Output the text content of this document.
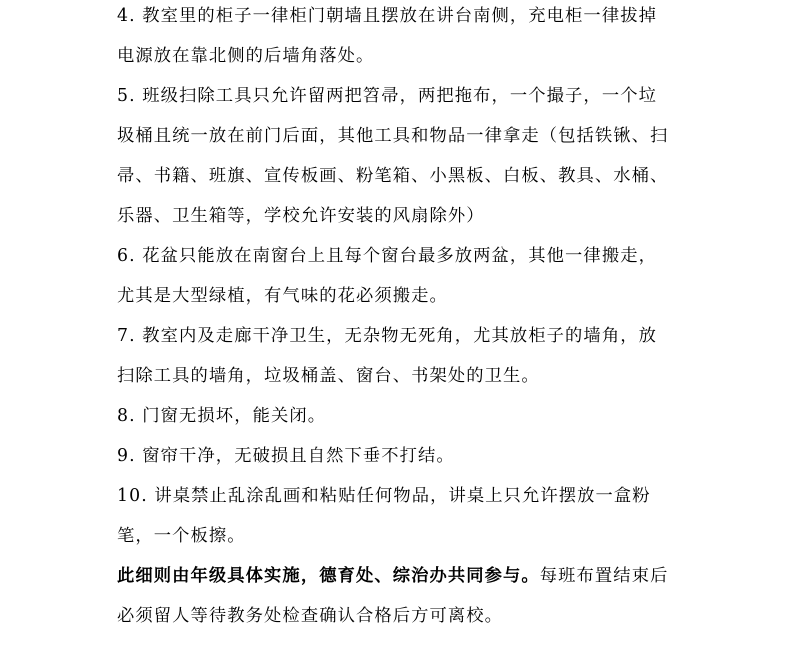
4. 教室里的柜子一律柜门朝墙且摆放在讲台南侧，充电柜一律拔掉
电源放在靠北侧的后墙角落处。
5. 班级扫除工具只允许留两把笤帚，两把拖布，一个撮子，一个垃
圾桶且统一放在前门后面，其他工具和物品一律拿走（包括铁锹、扫
帚、书籍、班旗、宣传板画、粉笔箱、小黑板、白板、教具、水桶、
乐器、卫生箱等，学校允许安装的风扇除外）
6. 花盆只能放在南窗台上且每个窗台最多放两盆，其他一律搬走，
尤其是大型绿植，有气味的花必须搬走。
7. 教室内及走廊干净卫生，无杂物无死角，尤其放柜子的墙角，放
扫除工具的墙角，垃圾桶盖、窗台、书架处的卫生。
8. 门窗无损坏，能关闭。
9. 窗帘干净，无破损且自然下垂不打结。
10. 讲桌禁止乱涂乱画和粘贴任何物品，讲桌上只允许摆放一盒粉
笔，一个板擦。
此细则由年级具体实施，德育处、综治办共同参与。每班布置结束后
必须留人等待教务处检查确认合格后方可离校。
